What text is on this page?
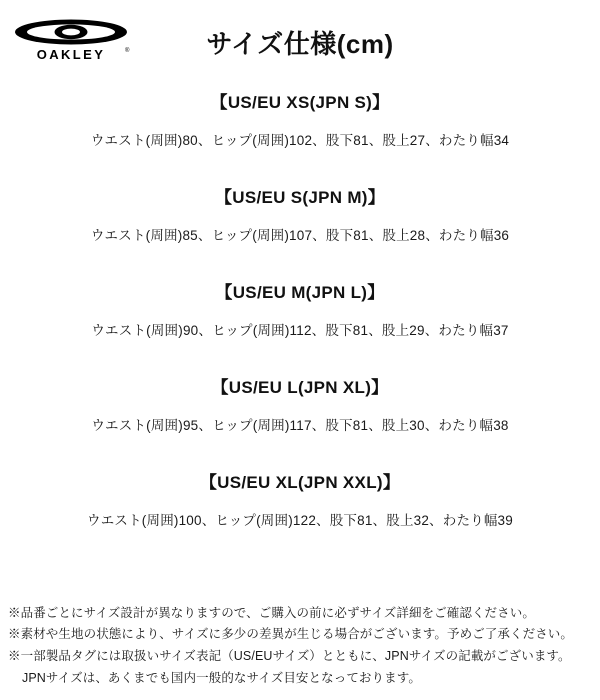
OAKLEY	®	サイズ仕様(cm)
【US/EU XS(JPN S)】
ウエスト(周囲)80、ヒップ(周囲)102、股下81、股上27、わたり幅34
【US/EU S(JPN M)】
ウエスト(周囲)85、ヒップ(周囲)107、股下81、股上28、わたり幅36
【US/EU M(JPN L)】
ウエスト(周囲)90、ヒップ(周囲)112、股下81、股上29、わたり幅37
【US/EU L(JPN XL)】
ウエスト(周囲)95、ヒップ(周囲)117、股下81、股上30、わたり幅38
【US/EU XL(JPN XXL)】
ウエスト(周囲)100、ヒップ(周囲)122、股下81、股上32、わたり幅39
※品番ごとにサイズ設計が異なりますので、ご購入の前に必ずサイズ詳細をご確認ください。
※素材や生地の状態により、サイズに多少の差異が生じる場合がございます。予めご了承ください。
※一部製品タグには取扱いサイズ表記（US/EUサイズ）とともに、JPNサイズの記載がございます。
JPNサイズは、あくまでも国内一般的なサイズ目安となっております。
